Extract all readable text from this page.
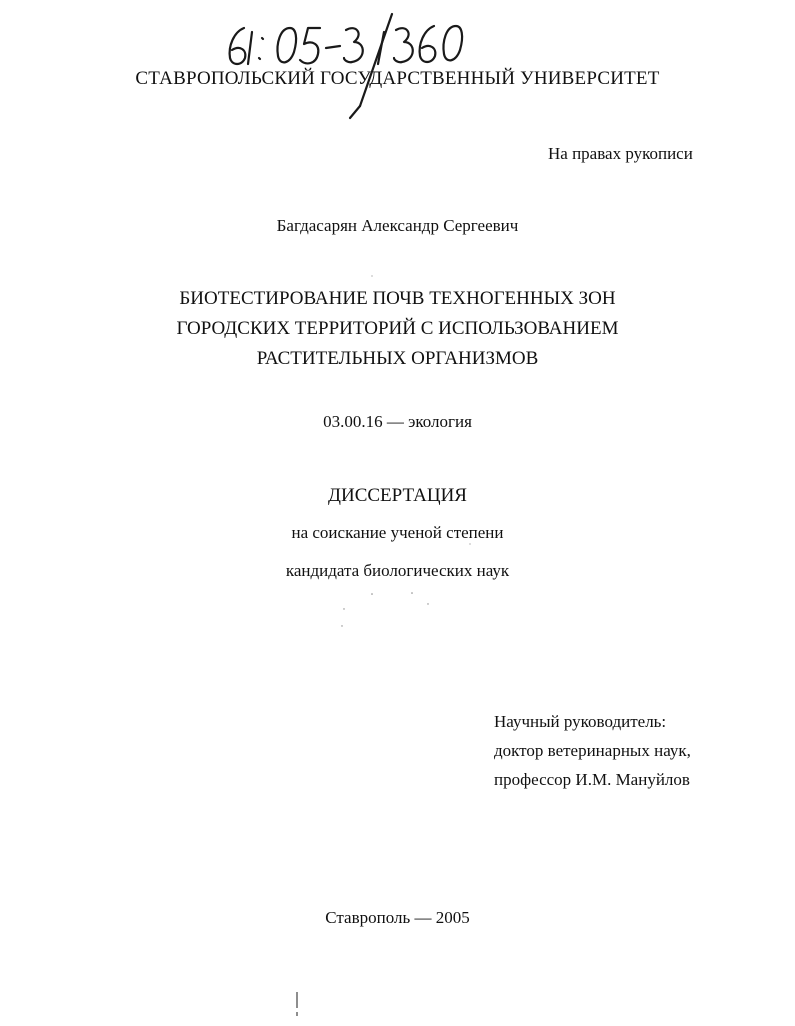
СТАВРОПОЛЬСКИЙ ГОСУДАРСТВЕННЫЙ УНИВЕРСИТЕТ
На правах рукописи
Багдасарян Александр Сергеевич
БИОТЕСТИРОВАНИЕ ПОЧВ ТЕХНОГЕННЫХ ЗОН
ГОРОДСКИХ ТЕРРИТОРИЙ С ИСПОЛЬЗОВАНИЕМ
РАСТИТЕЛЬНЫХ ОРГАНИЗМОВ
03.00.16 — экология
ДИССЕРТАЦИЯ
на соискание ученой степени
кандидата биологических наук
Научный руководитель:
доктор ветеринарных наук,
профессор И.М. Мануйлов
Ставрополь — 2005
